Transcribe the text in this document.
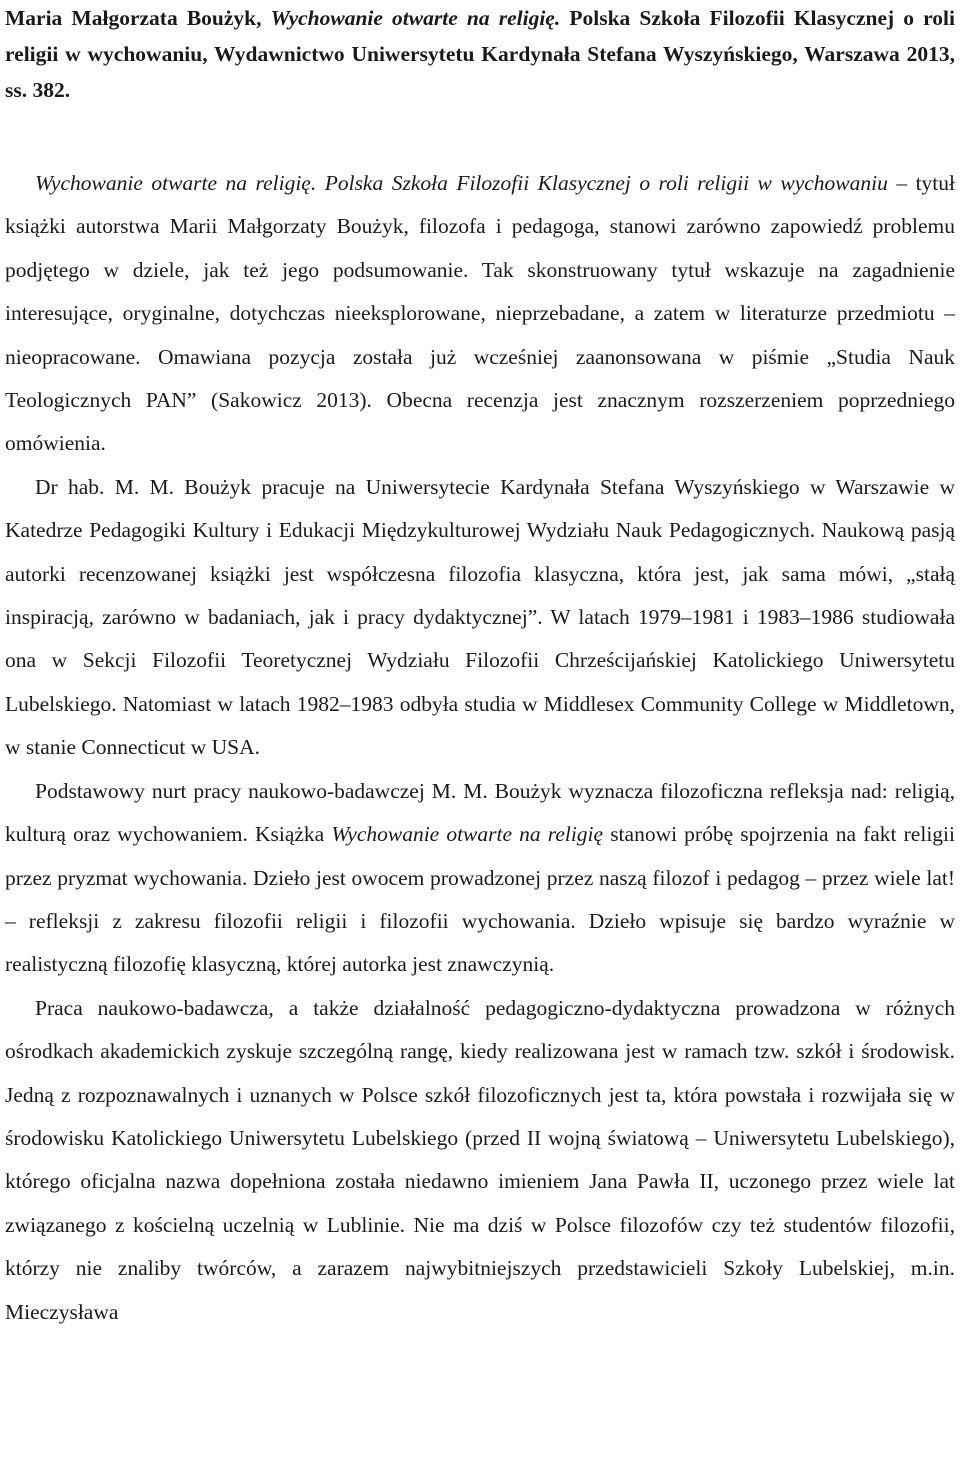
Maria Małgorzata Boużyk, Wychowanie otwarte na religię. Polska Szkoła Filozofii Klasycznej o roli religii w wychowaniu, Wydawnictwo Uniwersytetu Kardynała Stefana Wyszyńskiego, Warszawa 2013, ss. 382.

Wychowanie otwarte na religię. Polska Szkoła Filozofii Klasycznej o roli religii w wychowaniu – tytuł książki autorstwa Marii Małgorzaty Boużyk, filozofa i pedagoga, stanowi zarówno zapowiedź problemu podjętego w dziele, jak też jego podsumowanie. Tak skonstruowany tytuł wskazuje na zagadnienie interesujące, oryginalne, dotychczas nieeksplorowane, nieprzebadane, a zatem w literaturze przedmiotu – nieopracowane. Omawiana pozycja została już wcześniej zaanonsowana w piśmie „Studia Nauk Teologicznych PAN” (Sakowicz 2013). Obecna recenzja jest znacznym rozszerzeniem poprzedniego omówienia.

Dr hab. M. M. Boużyk pracuje na Uniwersytecie Kardynała Stefana Wyszyńskiego w Warszawie w Katedrze Pedagogiki Kultury i Edukacji Międzykulturowej Wydziału Nauk Pedagogicznych. Naukową pasją autorki recenzowanej książki jest współczesna filozofia klasyczna, która jest, jak sama mówi, „stałą inspiracją, zarówno w badaniach, jak i pracy dydaktycznej”. W latach 1979–1981 i 1983–1986 studiowała ona w Sekcji Filozofii Teoretycznej Wydziału Filozofii Chrześcijańskiej Katolickiego Uniwersytetu Lubelskiego. Natomiast w latach 1982–1983 odbyła studia w Middlesex Community College w Middletown, w stanie Connecticut w USA.

Podstawowy nurt pracy naukowo-badawczej M. M. Boużyk wyznacza filozoficzna refleksja nad: religią, kulturą oraz wychowaniem. Książka Wychowanie otwarte na religię stanowi próbę spojrzenia na fakt religii przez pryzmat wychowania. Dzieło jest owocem prowadzonej przez naszą filozof i pedagog – przez wiele lat! – refleksji z zakresu filozofii religii i filozofii wychowania. Dzieło wpisuje się bardzo wyraźnie w realistyczną filozofię klasyczną, której autorka jest znawczynią.

Praca naukowo-badawcza, a także działalność pedagogiczno-dydaktyczna prowadzona w różnych ośrodkach akademickich zyskuje szczególną rangę, kiedy realizowana jest w ramach tzw. szkół i środowisk. Jedną z rozpoznawalnych i uznanych w Polsce szkół filozoficznych jest ta, która powstała i rozwijała się w środowisku Katolickiego Uniwersytetu Lubelskiego (przed II wojną światową – Uniwersytetu Lubelskiego), którego oficjalna nazwa dopełniona została niedawno imieniem Jana Pawła II, uczonego przez wiele lat związanego z kościelną uczelnią w Lublinie. Nie ma dziś w Polsce filozofów czy też studentów filozofii, którzy nie znaliby twórców, a zarazem najwybitniejszych przedstawicieli Szkoły Lubelskiej, m.in. Mieczysława
